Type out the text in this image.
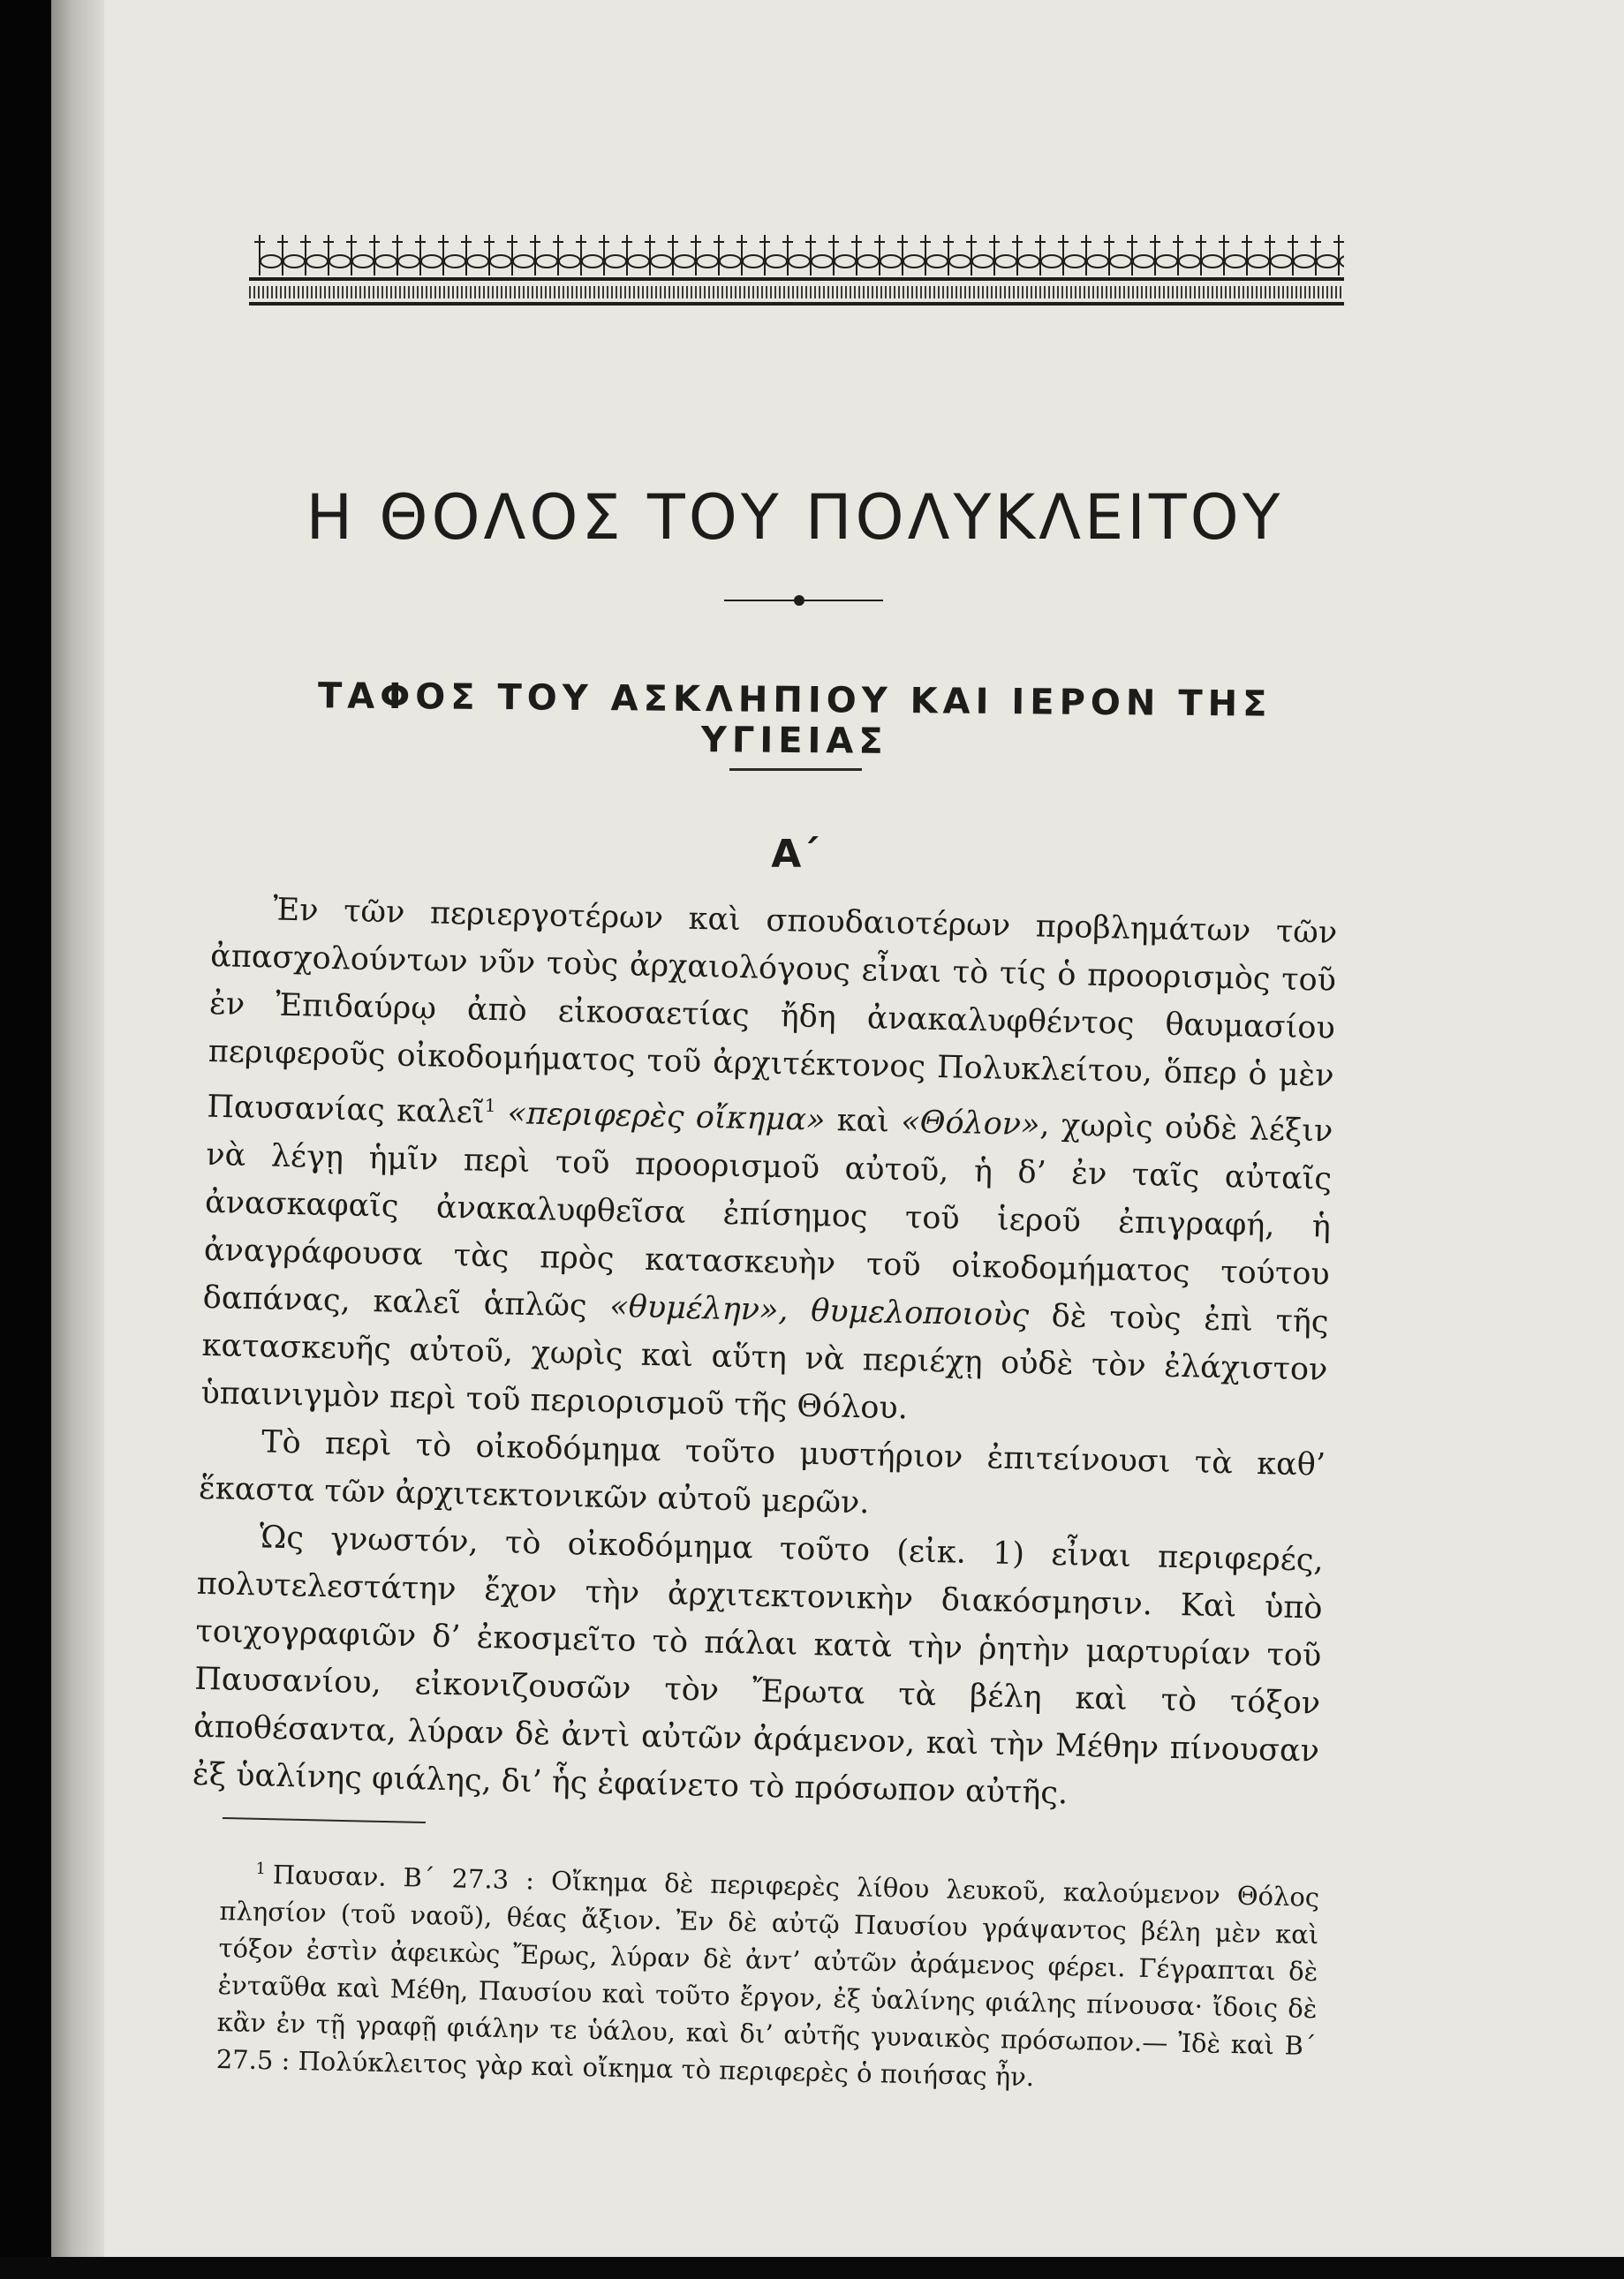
Η ΘΟΛΟΣ ΤΟΥ ΠΟΛΥΚΛΕΙΤΟΥ
ΤΑΦΟΣ ΤΟΥ ΑΣΚΛΗΠΙΟΥ ΚΑΙ ΙΕΡΟΝ ΤΗΣ ΥΓΙΕΙΑΣ
Α΄

Ἐν τῶν περιεργοτέρων καὶ σπουδαιοτέρων προβλημάτων τῶν ἀπασχολούντων νῦν τοὺς ἀρχαιολόγους εἶναι τὸ τίς ὁ προορισμὸς τοῦ ἐν Ἐπιδαύρῳ ἀπὸ εἰκοσαετίας ἤδη ἀνακαλυφθέντος θαυμασίου περιφεροῦς οἰκοδομήματος τοῦ ἀρχιτέκτονος Πολυκλείτου, ὅπερ ὁ μὲν Παυσανίας καλεῖ$^1$ «περιφερὲς οἴκημα» καὶ «Θόλον», χωρὶς οὐδὲ λέξιν νὰ λέγῃ ἡμῖν περὶ τοῦ προορισμοῦ αὐτοῦ, ἡ δ’ ἐν ταῖς αὐταῖς ἀνασκαφαῖς ἀνακαλυφθεῖσα ἐπίσημος τοῦ ἱεροῦ ἐπιγραφή, ἡ ἀναγράφουσα τὰς πρὸς κατασκευὴν τοῦ οἰκοδομήματος τούτου δαπάνας, καλεῖ ἁπλῶς «θυμέλην», θυμελοποιοὺς δὲ τοὺς ἐπὶ τῆς κατασκευῆς αὐτοῦ, χωρὶς καὶ αὕτη νὰ περιέχῃ οὐδὲ τὸν ἐλάχιστον ὑπαινιγμὸν περὶ τοῦ περιορισμοῦ τῆς Θόλου.

Τὸ περὶ τὸ οἰκοδόμημα τοῦτο μυστήριον ἐπιτείνουσι τὰ καθ’ ἕκαστα τῶν ἀρχιτεκτονικῶν αὐτοῦ μερῶν.

Ὡς γνωστόν, τὸ οἰκοδόμημα τοῦτο (εἰκ. 1) εἶναι περιφερές, πολυτελεστάτην ἔχον τὴν ἀρχιτεκτονικὴν διακόσμησιν. Καὶ ὑπὸ τοιχογραφιῶν δ’ ἐκοσμεῖτο τὸ πάλαι κατὰ τὴν ῥητὴν μαρτυρίαν τοῦ Παυσανίου, εἰκονιζουσῶν τὸν Ἔρωτα τὰ βέλη καὶ τὸ τόξον ἀποθέσαντα, λύραν δὲ ἀντὶ αὐτῶν ἀράμενον, καὶ τὴν Μέθην πίνουσαν ἐξ ὑαλίνης φιάλης, δι’ ἧς ἐφαίνετο τὸ πρόσωπον αὐτῆς.

$^1$ Παυσαν. Β΄ 27.3 : Οἴκημα δὲ περιφερὲς λίθου λευκοῦ, καλούμενον Θόλος πλησίον (τοῦ ναοῦ), θέας ἄξιον. Ἐν δὲ αὐτῷ Παυσίου γράψαντος βέλη μὲν καὶ τόξον ἐστὶν ἀφεικὼς Ἔρως, λύραν δὲ ἀντ’ αὐτῶν ἀράμενος φέρει. Γέγραπται δὲ ἐνταῦθα καὶ Μέθη, Παυσίου καὶ τοῦτο ἔργον, ἐξ ὑαλίνης φιάλης πίνουσα· ἴδοις δὲ κἂν ἐν τῇ γραφῇ φιάλην τε ὑάλου, καὶ δι’ αὐτῆς γυναικὸς πρόσωπον.— Ἰδὲ καὶ Β΄ 27.5 : Πολύκλειτος γὰρ καὶ οἴκημα τὸ περιφερὲς ὁ ποιήσας ἦν.
